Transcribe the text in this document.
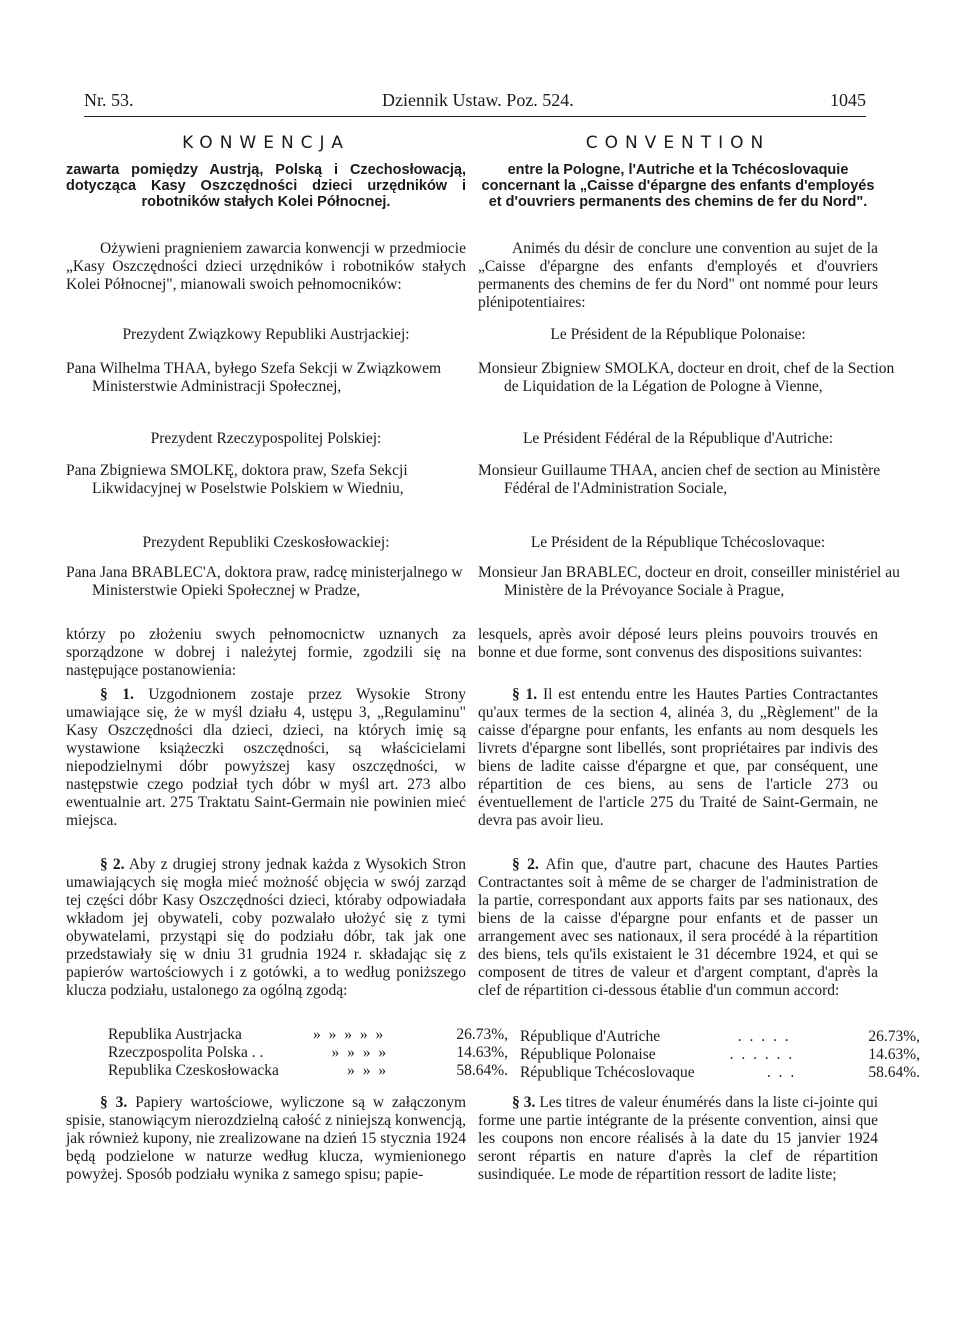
Nr. 53.	Dziennik Ustaw. Poz. 524.	1045
KONWENCJA
zawarta pomiędzy Austrją, Polską i Czechosłowacją, dotycząca Kasy Oszczędności dzieci urzędników i robotników stałych Kolei Północnej.

Ożywieni pragnieniem zawarcia konwencji w przedmiocie „Kasy Oszczędności dzieci urzędników i robotników stałych Kolei Północnej", mianowali swoich pełnomocników:

Prezydent Związkowy Republiki Austrjackiej:

Pana Wilhelma THAA, byłego Szefa Sekcji w Związkowem Ministerstwie Administracji Społecznej,

Prezydent Rzeczypospolitej Polskiej:

Pana Zbigniewa SMOLKĘ, doktora praw, Szefa Sekcji Likwidacyjnej w Poselstwie Polskiem w Wiedniu,

Prezydent Republiki Czeskosłowackiej:

Pana Jana BRABLEC'A, doktora praw, radcę ministerjalnego w Ministerstwie Opieki Społecznej w Pradze,

którzy po złożeniu swych pełnomocnictw uznanych za sporządzone w dobrej i należytej formie, zgodzili się na następujące postanowienia:

§ 1. Uzgodnionem zostaje przez Wysokie Strony umawiające się, że w myśl działu 4, ustępu 3, „Regulaminu" Kasy Oszczędności dla dzieci, dzieci, na których imię są wystawione książeczki oszczędności, są właścicielami niepodzielnymi dóbr powyższej kasy oszczędności, w następstwie czego podział tych dóbr w myśl art. 273 albo ewentualnie art. 275 Traktatu Saint-Germain nie powinien mieć miejsca.

§ 2. Aby z drugiej strony jednak każda z Wysokich Stron umawiających się mogła mieć możność objęcia w swój zarząd tej części dóbr Kasy Oszczędności dzieci, któraby odpowiadała wkładom jej obywateli, coby pozwalało ułożyć się z tymi obywatelami, przystąpi się do podziału dóbr, tak jak one przedstawiały się w dniu 31 grudnia 1924 r. składając się z papierów wartościowych i z gotówki, a to według poniższego klucza podziału, ustalonego za ogólną zgodą:

Republika Austrjacka	» » » » »	26.73%,
Rzeczpospolita Polska . .	» » » »	14.63%,
Republika Czeskosłowacka	» » »	58.64%.

§ 3. Papiery wartościowe, wyliczone są w załączonym spisie, stanowiącym nierozdzielną całość z niniejszą konwencją, jak również kupony, nie zrealizowane na dzień 15 stycznia 1924 będą podzielone w naturze według klucza, wymienionego powyżej. Sposób podziału wynika z samego spisu; papie-

CONVENTION
entre la Pologne, l'Autriche et la Tchécoslovaquie concernant la „Caisse d'épargne des enfants d'employés et d'ouvriers permanents des chemins de fer du Nord".

Animés du désir de conclure une convention au sujet de la „Caisse d'épargne des enfants d'employés et d'ouvriers permanents des chemins de fer du Nord" ont nommé pour leurs plénipotentiaires:

Le Président de la République Polonaise:

Monsieur Zbigniew SMOLKA, docteur en droit, chef de la Section de Liquidation de la Légation de Pologne à Vienne,

Le Président Fédéral de la République d'Autriche:

Monsieur Guillaume THAA, ancien chef de section au Ministère Fédéral de l'Administration Sociale,

Le Président de la République Tchécoslovaque:

Monsieur Jan BRABLEC, docteur en droit, conseiller ministériel au Ministère de la Prévoyance Sociale à Prague,

lesquels, après avoir déposé leurs pleins pouvoirs trouvés en bonne et due forme, sont convenus des dispositions suivantes:

§ 1. Il est entendu entre les Hautes Parties Contractantes qu'aux termes de la section 4, alinéa 3, du „Règlement" de la caisse d'épargne pour enfants, les enfants au nom desquels les livrets d'épargne sont libellés, sont propriétaires par indivis des biens de ladite caisse d'épargne et que, par conséquent, une répartition de ces biens, au sens de l'article 273 ou éventuellement de l'article 275 du Traité de Saint-Germain, ne devra pas avoir lieu.

§ 2. Afin que, d'autre part, chacune des Hautes Parties Contractantes soit à même de se charger de l'administration de la partie, correspondant aux apports faits par ses nationaux, des biens de la caisse d'épargne pour enfants et de passer un arrangement avec ses nationaux, il sera procédé à la répartition des biens, tels qu'ils existaient le 31 décembre 1924, et qui se composent de titres de valeur et d'argent comptant, d'après la clef de répartition ci-dessous établie d'un commun accord:

République d'Autriche	. . . . .	26.73%,
République Polonaise	. . . . . .	14.63%,
République Tchécoslovaque	. . .	58.64%.

§ 3. Les titres de valeur énumérés dans la liste ci-jointe qui forme une partie intégrante de la présente convention, ainsi que les coupons non encore réalisés à la date du 15 janvier 1924 seront répartis en nature d'après la clef de répartition susindiquée. Le mode de répartition ressort de ladite liste;
